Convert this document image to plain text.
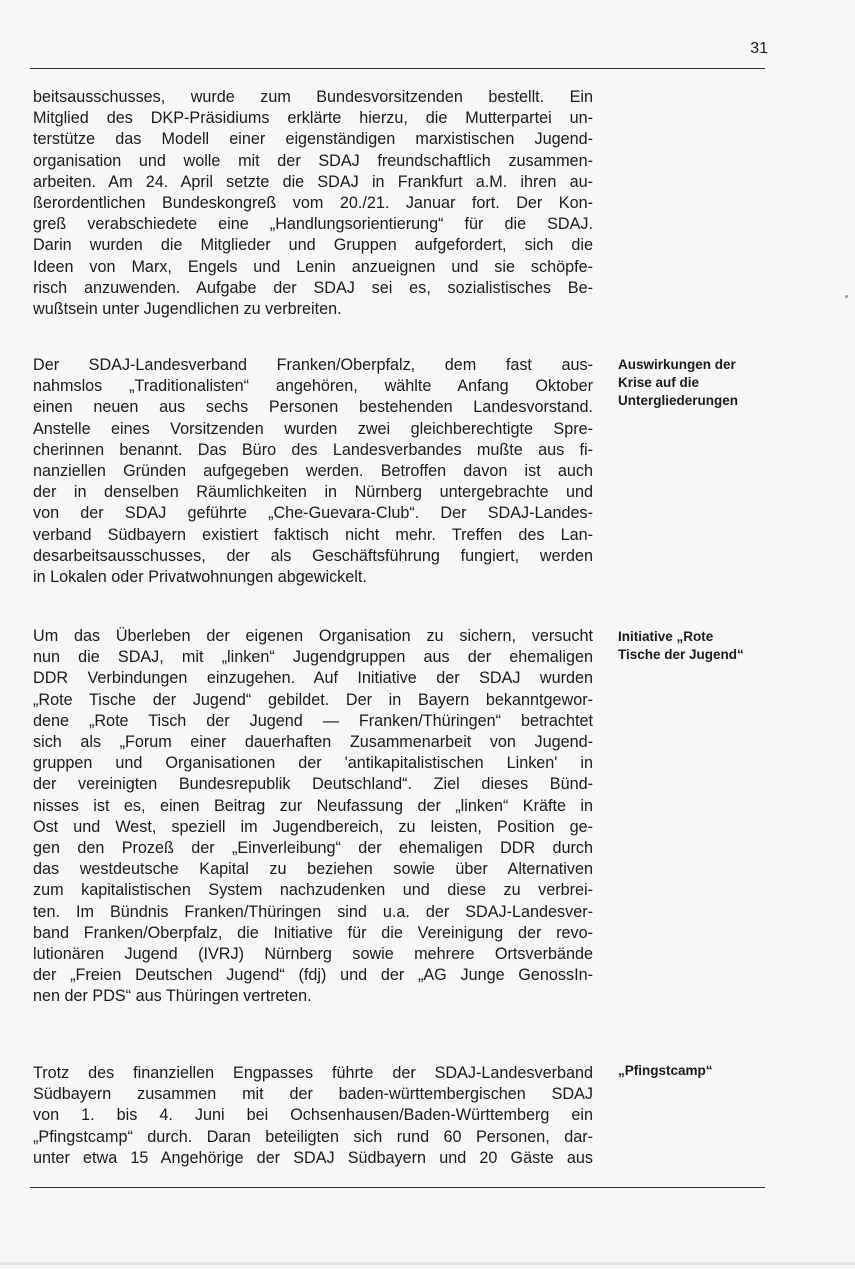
31
beitsausschusses, wurde zum Bundesvorsitzenden bestellt. Ein
Mitglied des DKP-Präsidiums erklärte hierzu, die Mutterpartei un-
terstütze das Modell einer eigenständigen marxistischen Jugend-
organisation und wolle mit der SDAJ freundschaftlich zusammen-
arbeiten. Am 24. April setzte die SDAJ in Frankfurt a.M. ihren au-
ßerordentlichen Bundeskongreß vom 20./21. Januar fort. Der Kon-
greß verabschiedete eine „Handlungsorientierung“ für die SDAJ.
Darin wurden die Mitglieder und Gruppen aufgefordert, sich die
Ideen von Marx, Engels und Lenin anzueignen und sie schöpfe-
risch anzuwenden. Aufgabe der SDAJ sei es, sozialistisches Be-
wußtsein unter Jugendlichen zu verbreiten.
Der SDAJ-Landesverband Franken/Oberpfalz, dem fast aus-
nahmslos „Traditionalisten“ angehören, wählte Anfang Oktober
einen neuen aus sechs Personen bestehenden Landesvorstand.
Anstelle eines Vorsitzenden wurden zwei gleichberechtigte Spre-
cherinnen benannt. Das Büro des Landesverbandes mußte aus fi-
nanziellen Gründen aufgegeben werden. Betroffen davon ist auch
der in denselben Räumlichkeiten in Nürnberg untergebrachte und
von der SDAJ geführte „Che-Guevara-Club“. Der SDAJ-Landes-
verband Südbayern existiert faktisch nicht mehr. Treffen des Lan-
desarbeitsausschusses, der als Geschäftsführung fungiert, werden
in Lokalen oder Privatwohnungen abgewickelt.
Um das Überleben der eigenen Organisation zu sichern, versucht
nun die SDAJ, mit „linken“ Jugendgruppen aus der ehemaligen
DDR Verbindungen einzugehen. Auf Initiative der SDAJ wurden
„Rote Tische der Jugend“ gebildet. Der in Bayern bekanntgewor-
dene „Rote Tisch der Jugend — Franken/Thüringen“ betrachtet
sich als „Forum einer dauerhaften Zusammenarbeit von Jugend-
gruppen und Organisationen der 'antikapitalistischen Linken' in
der vereinigten Bundesrepublik Deutschland“. Ziel dieses Bünd-
nisses ist es, einen Beitrag zur Neufassung der „linken“ Kräfte in
Ost und West, speziell im Jugendbereich, zu leisten, Position ge-
gen den Prozeß der „Einverleibung“ der ehemaligen DDR durch
das westdeutsche Kapital zu beziehen sowie über Alternativen
zum kapitalistischen System nachzudenken und diese zu verbrei-
ten. Im Bündnis Franken/Thüringen sind u.a. der SDAJ-Landesver-
band Franken/Oberpfalz, die Initiative für die Vereinigung der revo-
lutionären Jugend (IVRJ) Nürnberg sowie mehrere Ortsverbände
der „Freien Deutschen Jugend“ (fdj) und der „AG Junge GenossIn-
nen der PDS“ aus Thüringen vertreten.
Trotz des finanziellen Engpasses führte der SDAJ-Landesverband
Südbayern zusammen mit der baden-württembergischen SDAJ
von 1. bis 4. Juni bei Ochsenhausen/Baden-Württemberg ein
„Pfingstcamp“ durch. Daran beteiligten sich rund 60 Personen, dar-
unter etwa 15 Angehörige der SDAJ Südbayern und 20 Gäste aus
Auswirkungen der
Krise auf die
Untergliederungen
Initiative „Rote
Tische der Jugend“
„Pfingstcamp“
